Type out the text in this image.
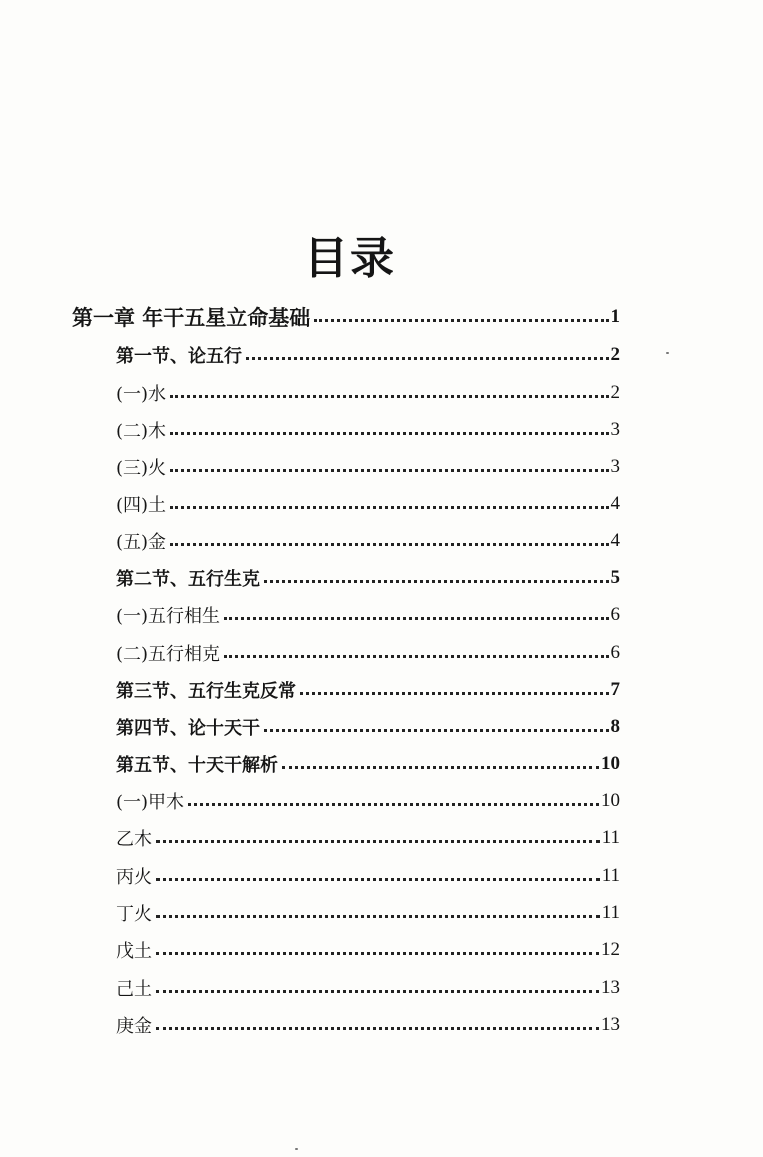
目录
第一章 年干五星立命基础	1
第一节、论五行	2
(一)水	2
(二)木	3
(三)火	3
(四)土	4
(五)金	4
第二节、五行生克	5
(一)五行相生	6
(二)五行相克	6
第三节、五行生克反常	7
第四节、论十天干	8
第五节、十天干解析	10
(一)甲木	10
乙木	11
丙火	11
丁火	11
戊土	12
己土	13
庚金	13
